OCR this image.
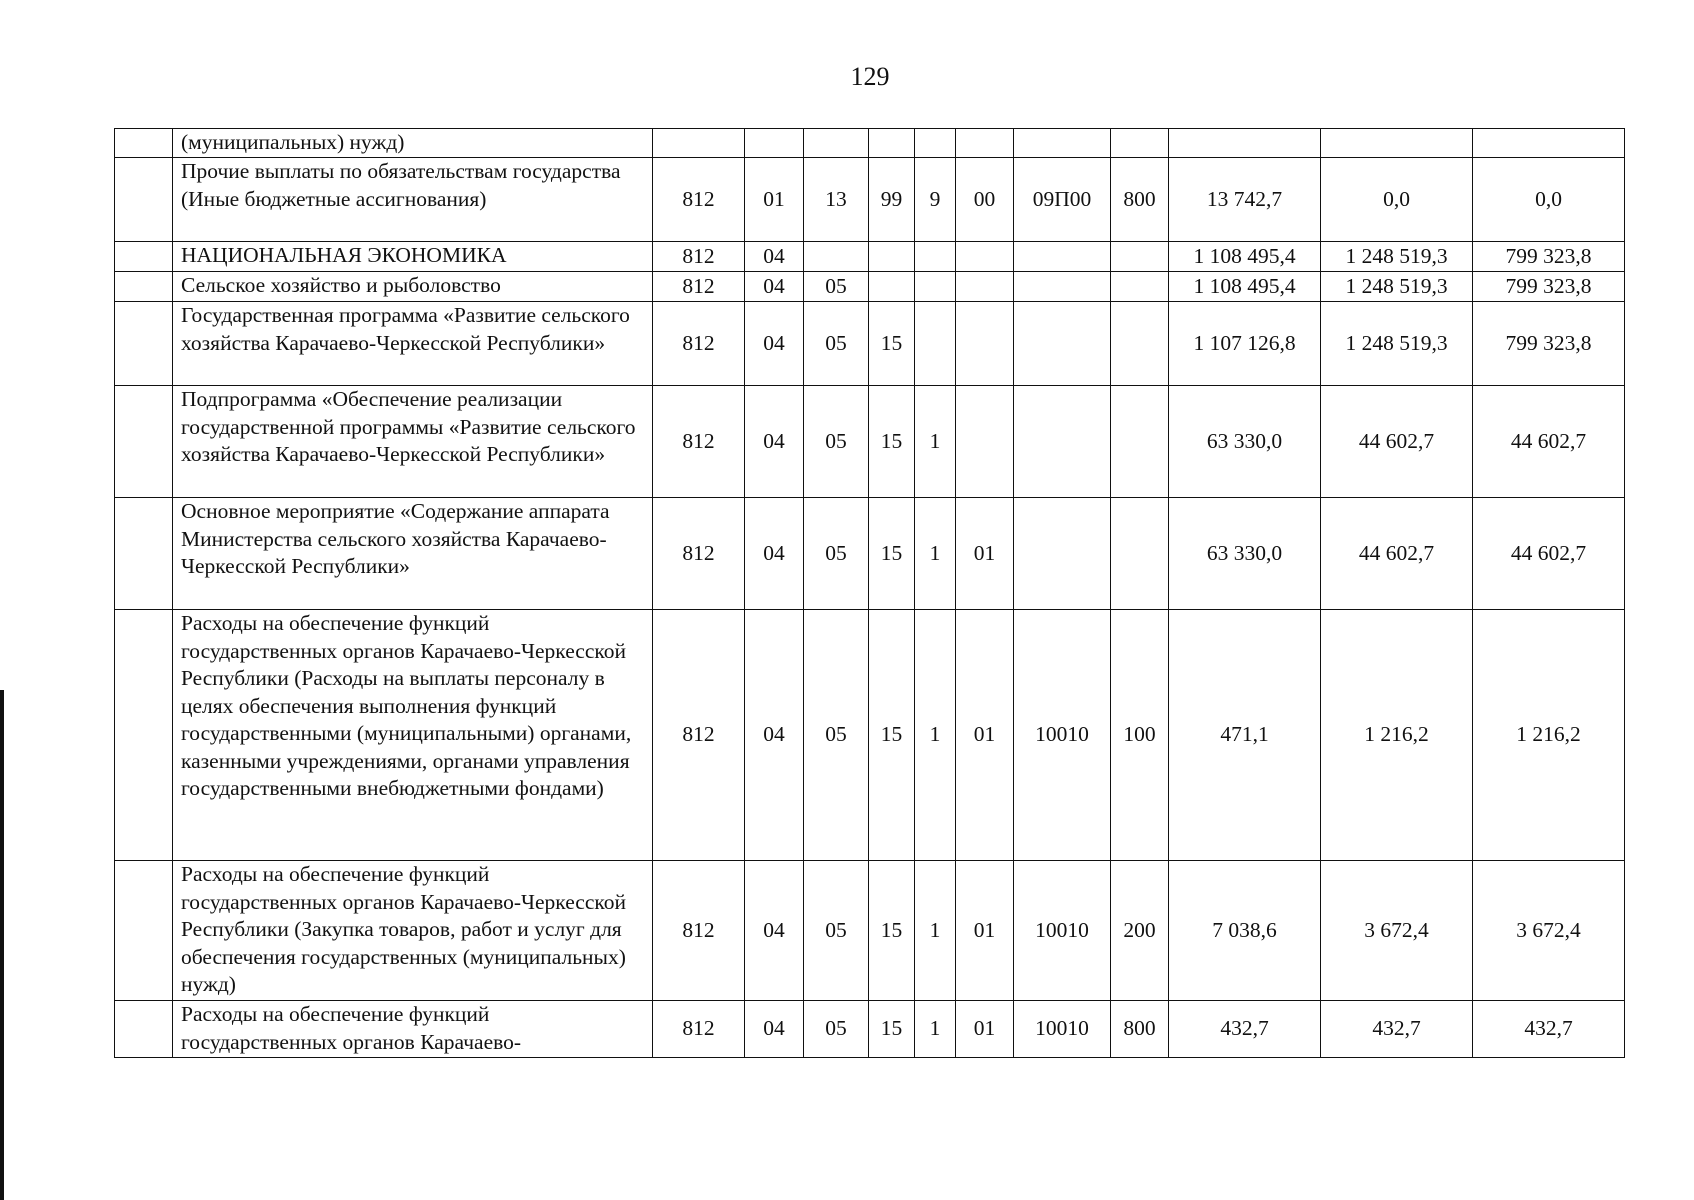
129
	(муниципальных) нужд)											
	Прочие выплаты по обязательствам государства (Иные бюджетные ассигнования)	812	01	13	99	9	00	09П00	800	13 742,7	0,0	0,0
	НАЦИОНАЛЬНАЯ ЭКОНОМИКА	812	04							1 108 495,4	1 248 519,3	799 323,8
	Сельское хозяйство и рыболовство	812	04	05						1 108 495,4	1 248 519,3	799 323,8
	Государственная программа «Развитие сельского хозяйства Карачаево-Черкесской Республики»	812	04	05	15					1 107 126,8	1 248 519,3	799 323,8
	Подпрограмма «Обеспечение реализации государственной программы «Развитие сельского хозяйства Карачаево-Черкесской Республики»	812	04	05	15	1				63 330,0	44 602,7	44 602,7
	Основное мероприятие «Содержание аппарата Министерства сельского хозяйства Карачаево-Черкесской Республики»	812	04	05	15	1	01			63 330,0	44 602,7	44 602,7
	Расходы на обеспечение функций государственных органов Карачаево-Черкесской Республики (Расходы на выплаты персоналу в целях обеспечения выполнения функций государственными (муниципальными) органами, казенными учреждениями, органами управления государственными внебюджетными фондами)	812	04	05	15	1	01	10010	100	471,1	1 216,2	1 216,2
	Расходы на обеспечение функций государственных органов Карачаево-Черкесской Республики (Закупка товаров, работ и услуг для обеспечения государственных (муниципальных) нужд)	812	04	05	15	1	01	10010	200	7 038,6	3 672,4	3 672,4
	Расходы на обеспечение функций государственных органов Карачаево-	812	04	05	15	1	01	10010	800	432,7	432,7	432,7
